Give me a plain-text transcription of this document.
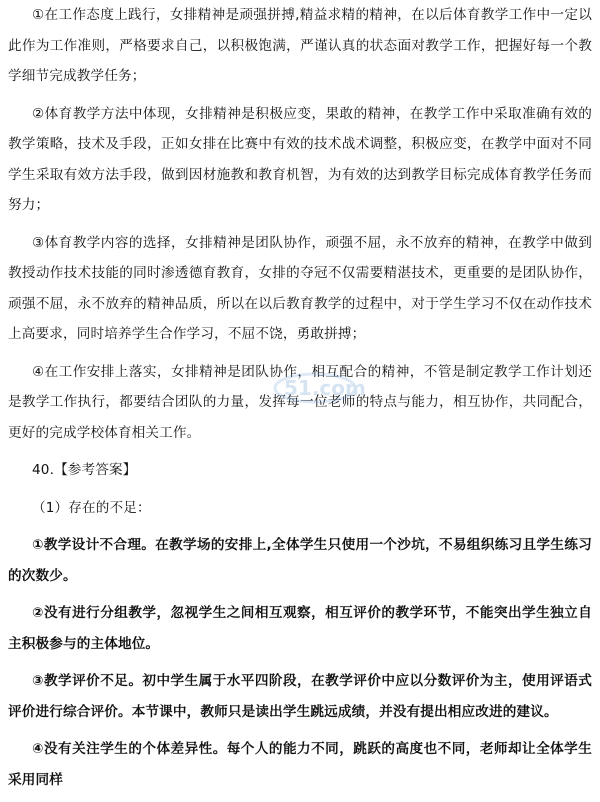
①在工作态度上践行，女排精神是顽强拼搏,精益求精的精神，在以后体育教学工作中一定以此作为工作准则，严格要求自己，以积极饱满，严谨认真的状态面对教学工作，把握好每一个教学细节完成教学任务；

②体育教学方法中体现，女排精神是积极应变，果敢的精神，在教学工作中采取准确有效的教学策略，技术及手段，正如女排在比赛中有效的技术战术调整，积极应变，在教学中面对不同学生采取有效方法手段，做到因材施教和教育机智，为有效的达到教学目标完成体育教学任务而努力；

③体育教学内容的选择，女排精神是团队协作，顽强不屈，永不放弃的精神，在教学中做到教授动作技术技能的同时渗透德育教育，女排的夺冠不仅需要精湛技术，更重要的是团队协作，顽强不屈，永不放弃的精神品质，所以在以后教育教学的过程中，对于学生学习不仅在动作技术上高要求，同时培养学生合作学习，不屈不饶，勇敢拼搏；

④在工作安排上落实，女排精神是团队协作，相互配合的精神，不管是制定教学工作计划还是教学工作执行，都要结合团队的力量，发挥每一位老师的特点与能力，相互协作，共同配合，更好的完成学校体育相关工作。

40.【参考答案】

（1）存在的不足：

①教学设计不合理。在教学场的安排上,全体学生只使用一个沙坑，不易组织练习且学生练习的次数少。

②没有进行分组教学，忽视学生之间相互观察，相互评价的教学环节，不能突出学生独立自主积极参与的主体地位。

③教学评价不足。初中学生属于水平四阶段，在教学评价中应以分数评价为主，使用评语式评价进行综合评价。本节课中，教师只是读出学生跳远成绩，并没有提出相应改进的建议。

④没有关注学生的个体差异性。每个人的能力不同，跳跃的高度也不同，老师却让全体学生采用同样

51.com
